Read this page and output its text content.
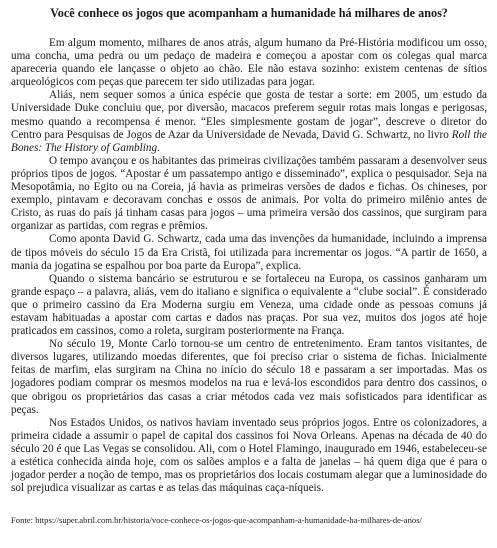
Você conhece os jogos que acompanham a humanidade há milhares de anos?

Em algum momento, milhares de anos atrás, algum humano da Pré-História modificou um osso, uma concha, uma pedra ou um pedaço de madeira e começou a apostar com os colegas qual marca apareceria quando ele lançasse o objeto ao chão. Ele não estava sozinho: existem centenas de sítios arqueológicos com peças que parecem ter sido utilizadas para jogar.

Aliás, nem sequer somos a única espécie que gosta de testar a sorte: em 2005, um estudo da Universidade Duke concluiu que, por diversão, macacos preferem seguir rotas mais longas e perigosas, mesmo quando a recompensa é menor. “Eles simplesmente gostam de jogar”, descreve o diretor do Centro para Pesquisas de Jogos de Azar da Universidade de Nevada, David G. Schwartz, no livro Roll the Bones: The History of Gambling.

O tempo avançou e os habitantes das primeiras civilizações também passaram a desenvolver seus próprios tipos de jogos. “Apostar é um passatempo antigo e disseminado”, explica o pesquisador. Seja na Mesopotâmia, no Egito ou na Coreia, já havia as primeiras versões de dados e fichas. Os chineses, por exemplo, pintavam e decoravam conchas e ossos de animais. Por volta do primeiro milênio antes de Cristo, as ruas do país já tinham casas para jogos – uma primeira versão dos cassinos, que surgiram para organizar as partidas, com regras e prêmios.

Como aponta David G. Schwartz, cada uma das invenções da humanidade, incluindo a imprensa de tipos móveis do século 15 da Era Cristã, foi utilizada para incrementar os jogos. “A partir de 1650, a mania da jogatina se espalhou por boa parte da Europa”, explica.

Quando o sistema bancário se estruturou e se fortaleceu na Europa, os cassinos ganharam um grande espaço – a palavra, aliás, vem do italiano e significa o equivalente a “clube social”. É considerado que o primeiro cassino da Era Moderna surgiu em Veneza, uma cidade onde as pessoas comuns já estavam habituadas a apostar com cartas e dados nas praças. Por sua vez, muitos dos jogos até hoje praticados em cassinos, como a roleta, surgiram posteriormente na França.

No século 19, Monte Carlo tornou-se um centro de entretenimento. Eram tantos visitantes, de diversos lugares, utilizando moedas diferentes, que foi preciso criar o sistema de fichas. Inicialmente feitas de marfim, elas surgiram na China no início do século 18 e passaram a ser importadas. Mas os jogadores podiam comprar os mesmos modelos na rua e levá-los escondidos para dentro dos cassinos, o que obrigou os proprietários das casas a criar métodos cada vez mais sofisticados para identificar as peças.

Nos Estados Unidos, os nativos haviam inventado seus próprios jogos. Entre os colonizadores, a primeira cidade a assumir o papel de capital dos cassinos foi Nova Orleans. Apenas na década de 40 do século 20 é que Las Vegas se consolidou. Ali, com o Hotel Flamingo, inaugurado em 1946, estabeleceu-se a estética conhecida ainda hoje, com os salões amplos e a falta de janelas – há quem diga que é para o jogador perder a noção de tempo, mas os proprietários dos locais costumam alegar que a luminosidade do sol prejudica visualizar as cartas e as telas das máquinas caça-níqueis.

Fonte: https://super.abril.com.br/historia/voce-conhece-os-jogos-que-acompanham-a-humanidade-ha-milhares-de-anos/
